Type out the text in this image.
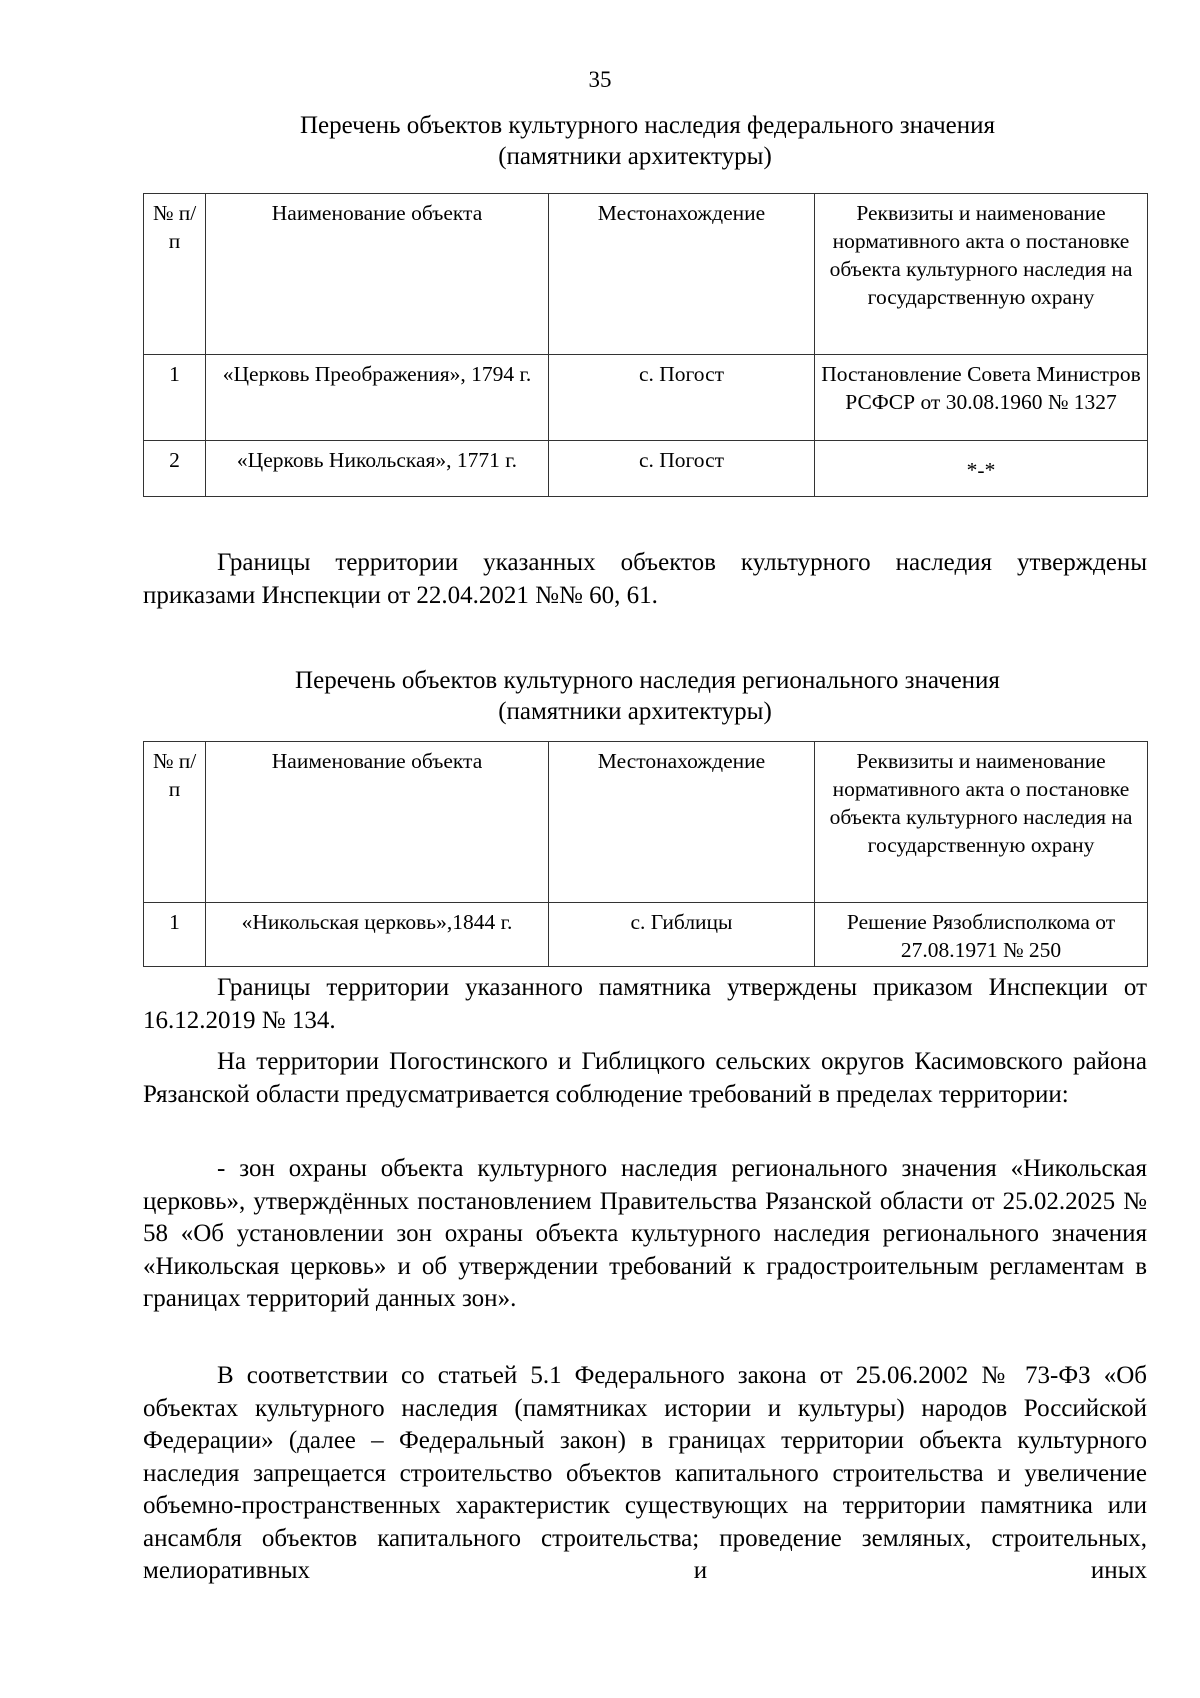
35
Перечень объектов культурного наследия федерального значения
(памятники архитектуры)
№ п/п	Наименование объекта	Местонахождение	Реквизиты и наименование нормативного акта о постановке объекта культурного наследия на государственную охрану
1	«Церковь Преображения», 1794 г.	с. Погост	Постановление Совета Министров РСФСР от 30.08.1960 № 1327
2	«Церковь Никольская», 1771 г.	с. Погост	*-*

Границы территории указанных объектов культурного наследия утверждены приказами Инспекции от 22.04.2021 №№ 60, 61.

Перечень объектов культурного наследия регионального значения
(памятники архитектуры)
№ п/п	Наименование объекта	Местонахождение	Реквизиты и наименование нормативного акта о постановке объекта культурного наследия на государственную охрану
1	«Никольская церковь»,1844 г.	с. Гиблицы	Решение Рязоблисполкома от 27.08.1971 № 250

Границы территории указанного памятника утверждены приказом Инспекции от 16.12.2019 № 134.

На территории Погостинского и Гиблицкого сельских округов Касимовского района Рязанской области предусматривается соблюдение требований в пределах территории:

- зон охраны объекта культурного наследия регионального значения «Никольская церковь», утверждённых постановлением Правительства Рязанской области от 25.02.2025 № 58 «Об установлении зон охраны объекта культурного наследия регионального значения «Никольская церковь» и об утверждении требований к градостроительным регламентам в границах территорий данных зон».

В соответствии со статьей 5.1 Федерального закона от 25.06.2002 № 73-ФЗ «Об объектах культурного наследия (памятниках истории и культуры) народов Российской Федерации» (далее – Федеральный закон) в границах территории объекта культурного наследия запрещается строительство объектов капитального строительства и увеличение объемно-пространственных характеристик существующих на территории памятника или ансамбля объектов капитального строительства; проведение земляных, строительных, мелиоративных и иных
